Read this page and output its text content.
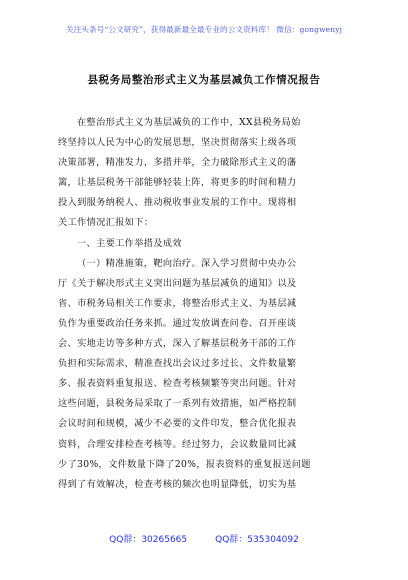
关注头条号“公文研究”，获得最新最全最专业的公文资料库！ 微信：gongwenyj
县税务局整治形式主义为基层减负工作情况报告
在整治形式主义为基层减负的工作中，XX县税务局始
终坚持以人民为中心的发展思想，坚决贯彻落实上级各项
决策部署，精准发力，多措并举，全力破除形式主义的藩
篱，让基层税务干部能够轻装上阵，将更多的时间和精力
投入到服务纳税人、推动税收事业发展的工作中。现将相
关工作情况汇报如下：
一、主要工作举措及成效
（一）精准施策，靶向治疗。深入学习贯彻中央办公
厅《关于解决形式主义突出问题为基层减负的通知》以及
省、市税务局相关工作要求，将整治形式主义、为基层减
负作为重要政治任务来抓。通过发放调查问卷、召开座谈
会、实地走访等多种方式，深入了解基层税务干部的工作
负担和实际需求，精准查找出会议过多过长、文件数量繁
多、报表资料重复报送、检查考核频繁等突出问题。针对
这些问题，县税务局采取了一系列有效措施，如严格控制
会议时间和规模，减少不必要的文件印发，整合优化报表
资料，合理安排检查考核等。经过努力，会议数量同比减
少了30%，文件数量下降了20%，报表资料的重复报送问题
得到了有效解决，检查考核的频次也明显降低，切实为基
QQ群：30265665	QQ群：535304092
